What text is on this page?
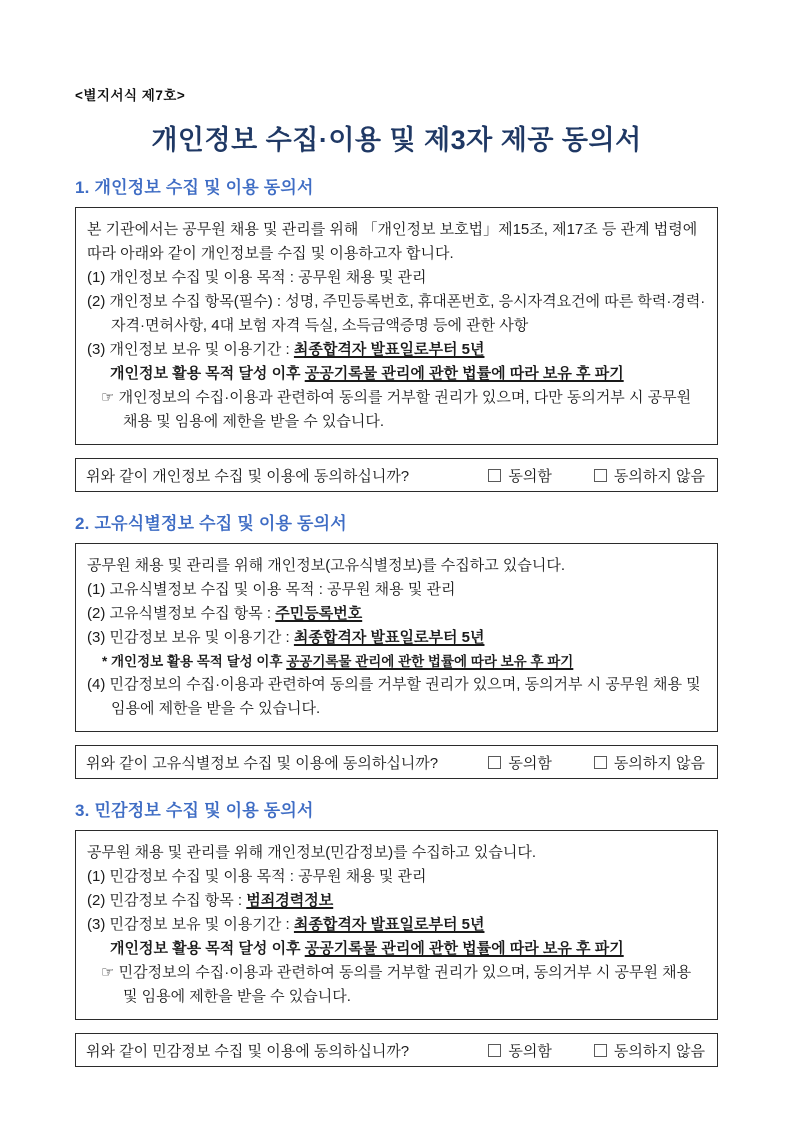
<별지서식 제7호>
개인정보 수집·이용 및 제3자 제공 동의서
1. 개인정보 수집 및 이용 동의서
본 기관에서는 공무원 채용 및 관리를 위해 「개인정보 보호법」제15조, 제17조 등 관계 법령에 따라 아래와 같이 개인정보를 수집 및 이용하고자 합니다.
(1) 개인정보 수집 및 이용 목적 : 공무원 채용 및 관리
(2) 개인정보 수집 항목(필수) : 성명, 주민등록번호, 휴대폰번호, 응시자격요건에 따른 학력·경력·자격·면허사항, 4대 보험 자격 득실, 소득금액증명 등에 관한 사항
(3) 개인정보 보유 및 이용기간 : 최종합격자 발표일로부터 5년
개인정보 활용 목적 달성 이후 공공기록물 관리에 관한 법률에 따라 보유 후 파기
☞ 개인정보의 수집·이용과 관련하여 동의를 거부할 권리가 있으며, 다만 동의거부 시 공무원 채용 및 임용에 제한을 받을 수 있습니다.
위와 같이 개인정보 수집 및 이용에 동의하십니까?	동의함	동의하지 않음
2. 고유식별정보 수집 및 이용 동의서
공무원 채용 및 관리를 위해 개인정보(고유식별정보)를 수집하고 있습니다.
(1) 고유식별정보 수집 및 이용 목적 : 공무원 채용 및 관리
(2) 고유식별정보 수집 항목 : 주민등록번호
(3) 민감정보 보유 및 이용기간 : 최종합격자 발표일로부터 5년
* 개인정보 활용 목적 달성 이후 공공기록물 관리에 관한 법률에 따라 보유 후 파기
(4) 민감정보의 수집·이용과 관련하여 동의를 거부할 권리가 있으며, 동의거부 시 공무원 채용 및 임용에 제한을 받을 수 있습니다.
위와 같이 고유식별정보 수집 및 이용에 동의하십니까?	동의함	동의하지 않음
3. 민감정보 수집 및 이용 동의서
공무원 채용 및 관리를 위해 개인정보(민감정보)를 수집하고 있습니다.
(1) 민감정보 수집 및 이용 목적 : 공무원 채용 및 관리
(2) 민감정보 수집 항목 : 범죄경력정보
(3) 민감정보 보유 및 이용기간 : 최종합격자 발표일로부터 5년
개인정보 활용 목적 달성 이후 공공기록물 관리에 관한 법률에 따라 보유 후 파기
☞ 민감정보의 수집·이용과 관련하여 동의를 거부할 권리가 있으며, 동의거부 시 공무원 채용 및 임용에 제한을 받을 수 있습니다.
위와 같이 민감정보 수집 및 이용에 동의하십니까?	동의함	동의하지 않음
